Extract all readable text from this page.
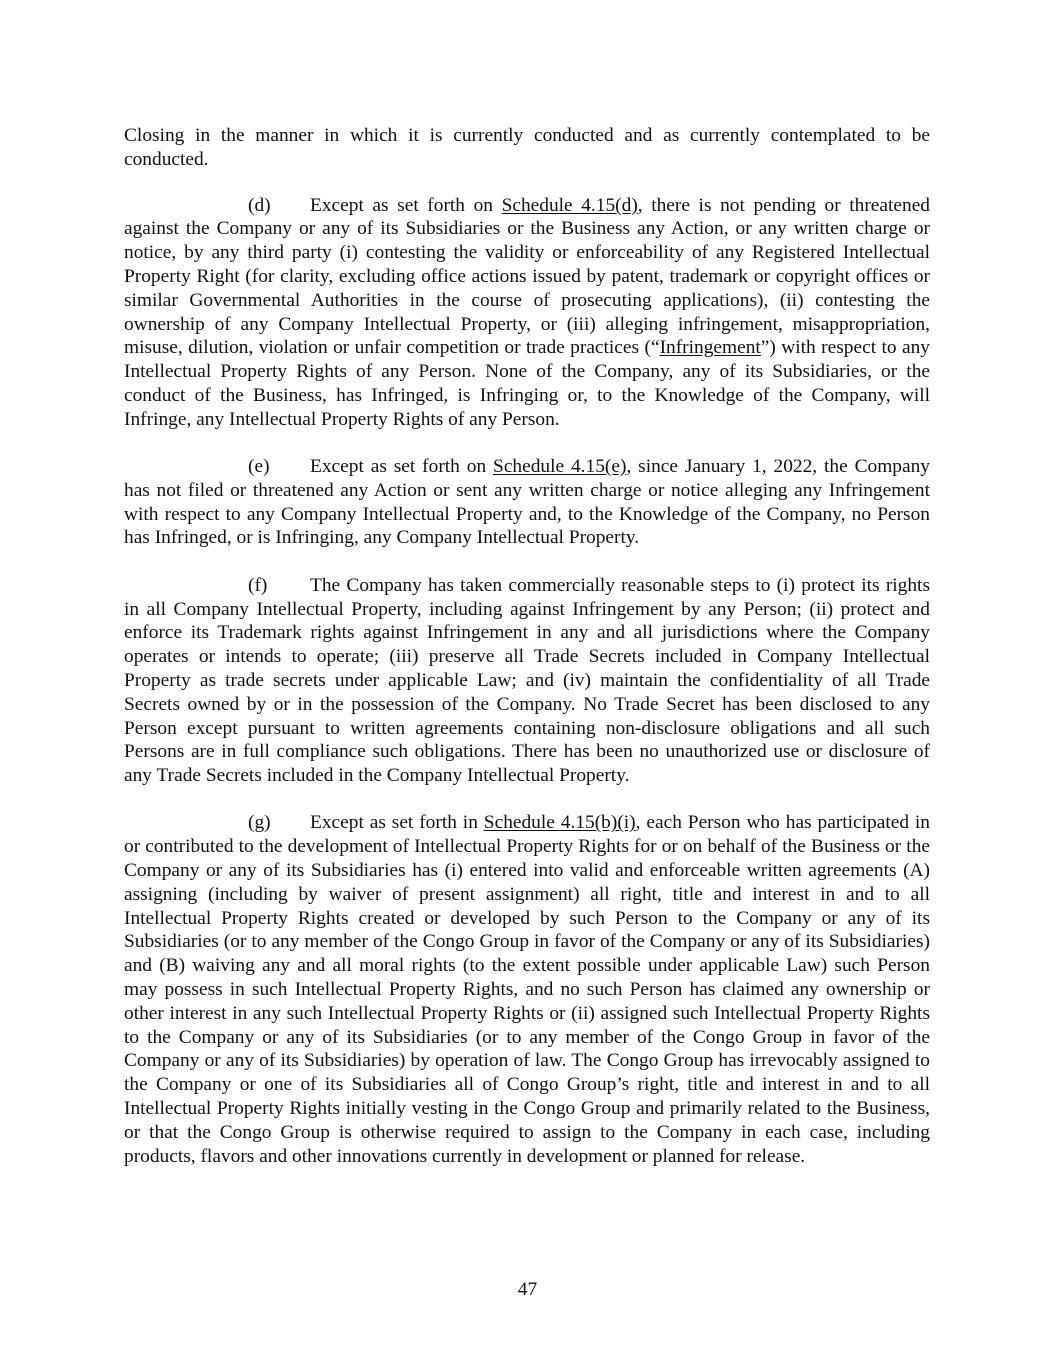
Closing in the manner in which it is currently conducted and as currently contemplated to be conducted.

(d) Except as set forth on Schedule 4.15(d), there is not pending or threatened against the Company or any of its Subsidiaries or the Business any Action, or any written charge or notice, by any third party (i) contesting the validity or enforceability of any Registered Intellectual Property Right (for clarity, excluding office actions issued by patent, trademark or copyright offices or similar Governmental Authorities in the course of prosecuting applications), (ii) contesting the ownership of any Company Intellectual Property, or (iii) alleging infringement, misappropriation, misuse, dilution, violation or unfair competition or trade practices (“Infringement”) with respect to any Intellectual Property Rights of any Person. None of the Company, any of its Subsidiaries, or the conduct of the Business, has Infringed, is Infringing or, to the Knowledge of the Company, will Infringe, any Intellectual Property Rights of any Person.

(e) Except as set forth on Schedule 4.15(e), since January 1, 2022, the Company has not filed or threatened any Action or sent any written charge or notice alleging any Infringement with respect to any Company Intellectual Property and, to the Knowledge of the Company, no Person has Infringed, or is Infringing, any Company Intellectual Property.

(f) The Company has taken commercially reasonable steps to (i) protect its rights in all Company Intellectual Property, including against Infringement by any Person; (ii) protect and enforce its Trademark rights against Infringement in any and all jurisdictions where the Company operates or intends to operate; (iii) preserve all Trade Secrets included in Company Intellectual Property as trade secrets under applicable Law; and (iv) maintain the confidentiality of all Trade Secrets owned by or in the possession of the Company. No Trade Secret has been disclosed to any Person except pursuant to written agreements containing non-disclosure obligations and all such Persons are in full compliance such obligations. There has been no unauthorized use or disclosure of any Trade Secrets included in the Company Intellectual Property.

(g) Except as set forth in Schedule 4.15(b)(i), each Person who has participated in or contributed to the development of Intellectual Property Rights for or on behalf of the Business or the Company or any of its Subsidiaries has (i) entered into valid and enforceable written agreements (A) assigning (including by waiver of present assignment) all right, title and interest in and to all Intellectual Property Rights created or developed by such Person to the Company or any of its Subsidiaries (or to any member of the Congo Group in favor of the Company or any of its Subsidiaries) and (B) waiving any and all moral rights (to the extent possible under applicable Law) such Person may possess in such Intellectual Property Rights, and no such Person has claimed any ownership or other interest in any such Intellectual Property Rights or (ii) assigned such Intellectual Property Rights to the Company or any of its Subsidiaries (or to any member of the Congo Group in favor of the Company or any of its Subsidiaries) by operation of law. The Congo Group has irrevocably assigned to the Company or one of its Subsidiaries all of Congo Group’s right, title and interest in and to all Intellectual Property Rights initially vesting in the Congo Group and primarily related to the Business, or that the Congo Group is otherwise required to assign to the Company in each case, including products, flavors and other innovations currently in development or planned for release.

47
